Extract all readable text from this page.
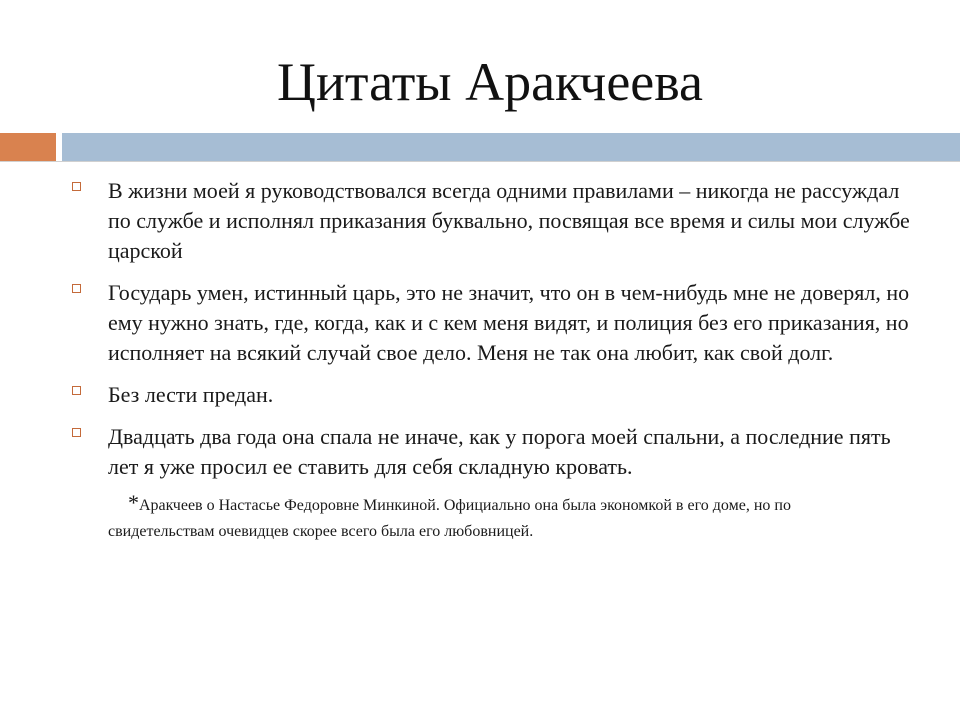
Цитаты Аракчеева
В жизни моей я руководствовался всегда одними правилами – никогда не рассуждал по службе и исполнял приказания буквально, посвящая все время и силы мои службе царской
Государь умен, истинный царь, это не значит, что он в чем-нибудь мне не доверял, но ему нужно знать, где, когда, как и с кем меня видят, и полиция без его приказания, но исполняет на всякий случай свое дело. Меня не так она любит, как свой долг.
Без лести предан.
Двадцать два года она спала не иначе, как у порога моей спальни, а последние пять лет я уже просил ее ставить для себя складную кровать.
*Аракчеев о Настасье Федоровне Минкиной. Официально она была экономкой в его доме, но по свидетельствам очевидцев скорее всего была его любовницей.
